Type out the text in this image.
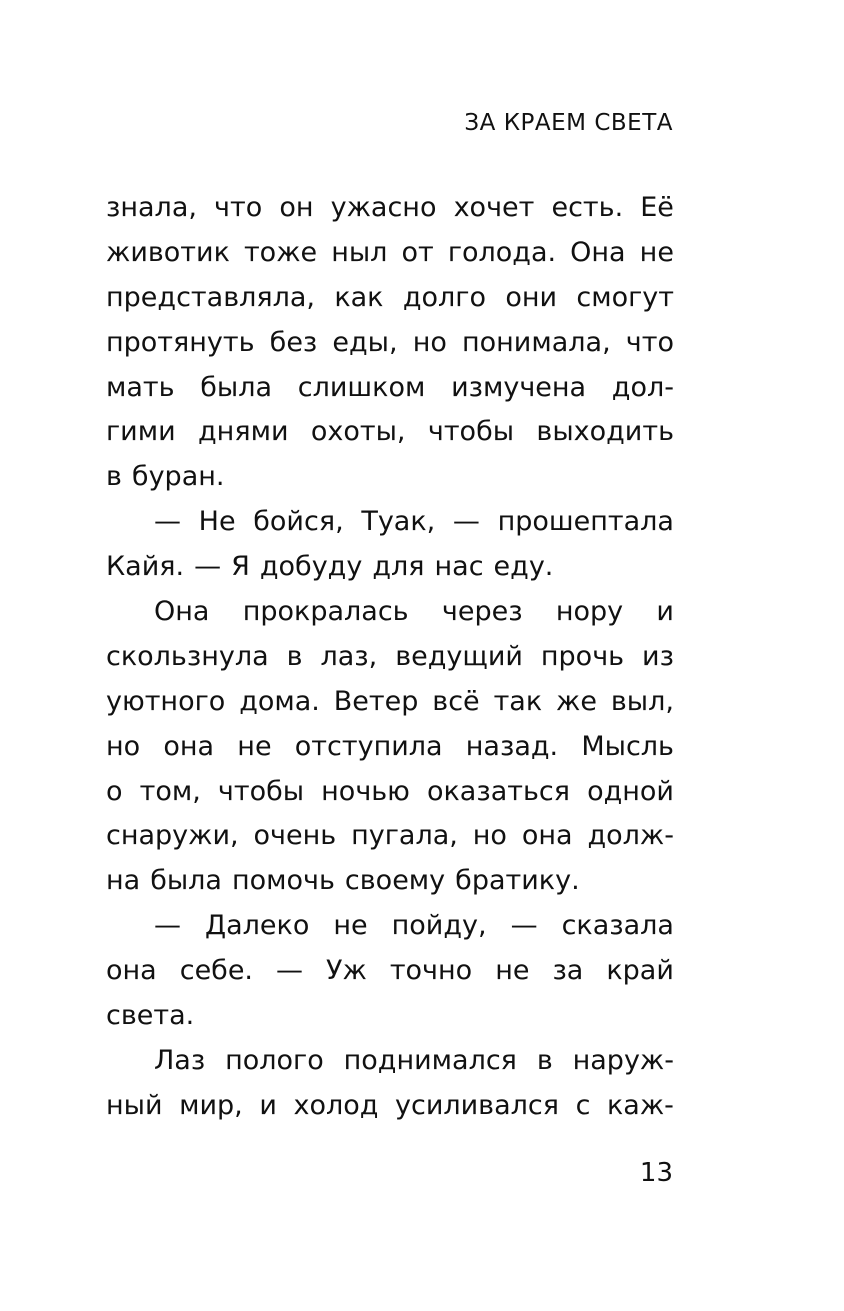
ЗА КРАЕМ СВЕТА
знала, что он ужасно хочет есть. Её
животик тоже ныл от голода. Она не
представляла, как долго они смогут
протянуть без еды, но понимала, что
мать была слишком измучена дол-
гими днями охоты, чтобы выходить
в буран.
— Не бойся, Туак, — прошептала
Кайя. — Я добуду для нас еду.
Она прокралась через нору и
скользнула в лаз, ведущий прочь из
уютного дома. Ветер всё так же выл,
но она не отступила назад. Мысль
о том, чтобы ночью оказаться одной
снаружи, очень пугала, но она долж-
на была помочь своему братику.
— Далеко не пойду, — сказала
она себе. — Уж точно не за край
света.
Лаз полого поднимался в наруж-
ный мир, и холод усиливался с каж-
13
